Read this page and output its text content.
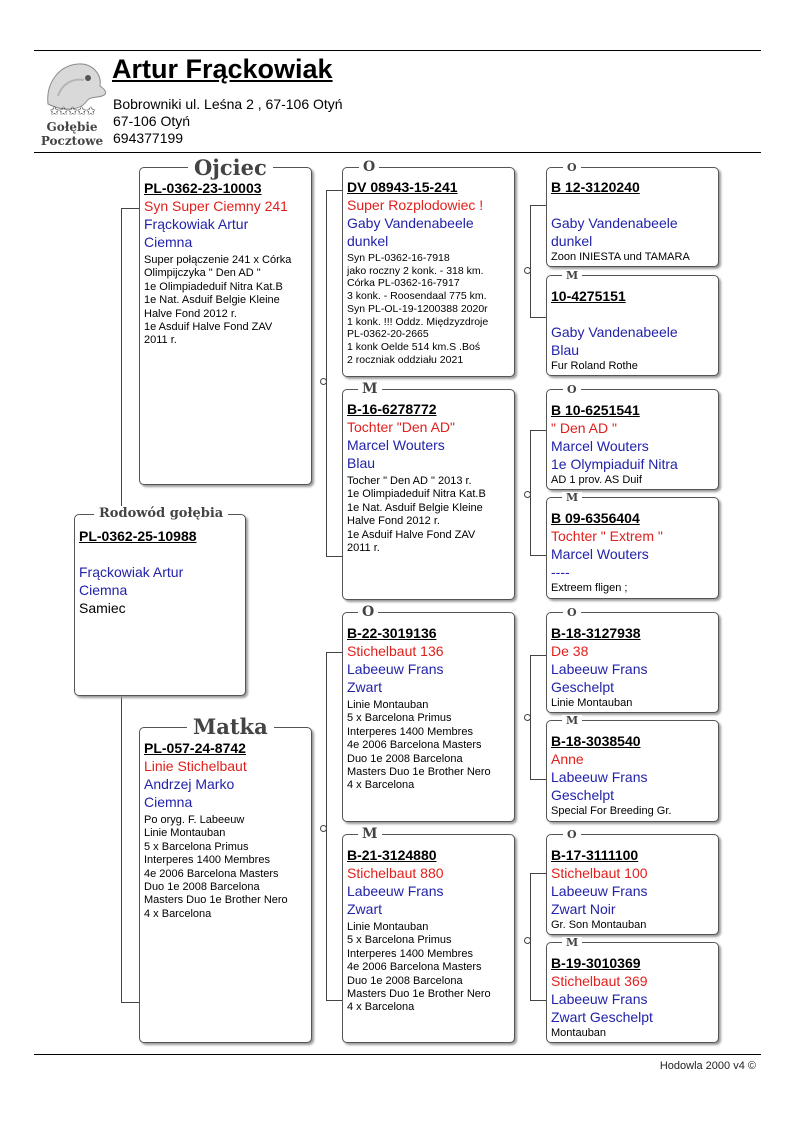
✩✩✩✩✩
Gołębie
Pocztowe
Artur Frąckowiak
Bobrowniki ul. Leśna 2 , 67-106 Otyń
67-106 Otyń
694377199
PL-0362-25-10988
Frąckowiak Artur
Ciemna
Samiec
Rodowód gołębia
PL-0362-23-10003
Syn Super Ciemny 241
Frąckowiak Artur
Ciemna
Super połączenie 241 x Córka
Olimpijczyka " Den AD "
1e Olimpiadeduif Nitra Kat.B
1e Nat. Asduif Belgie Kleine
Halve Fond 2012 r.
1e Asduif Halve Fond ZAV
2011 r.
Ojciec
PL-057-24-8742
Linie Stichelbaut
Andrzej Marko
Ciemna
Po oryg. F. Labeeuw
Linie Montauban
5 x Barcelona Primus
Interperes 1400 Membres
4e 2006 Barcelona Masters
Duo 1e 2008 Barcelona
Masters Duo 1e Brother Nero
4 x Barcelona
Matka
DV 08943-15-241
Super Rozplodowiec !
Gaby Vandenabeele
dunkel
Syn PL-0362-16-7918
jako roczny 2 konk. - 318 km.
Córka PL-0362-16-7917
3 konk. - Roosendaal 775 km.
Syn PL-OL-19-1200388 2020r
1 konk. !!! Oddz. Międzyzdroje
PL-0362-20-2665
1 konk Oelde 514 km.S .Boś
2 roczniak oddziału 2021
O
B-16-6278772
Tochter "Den AD"
Marcel Wouters
Blau
Tocher " Den AD " 2013 r.
1e Olimpiadeduif Nitra Kat.B
1e Nat. Asduif Belgie Kleine
Halve Fond 2012 r.
1e Asduif Halve Fond ZAV
2011 r.
M
B-22-3019136
Stichelbaut 136
Labeeuw Frans
Zwart
Linie Montauban
5 x Barcelona Primus
Interperes 1400 Membres
4e 2006 Barcelona Masters
Duo 1e 2008 Barcelona
Masters Duo 1e Brother Nero
4 x Barcelona
O
B-21-3124880
Stichelbaut 880
Labeeuw Frans
Zwart
Linie Montauban
5 x Barcelona Primus
Interperes 1400 Membres
4e 2006 Barcelona Masters
Duo 1e 2008 Barcelona
Masters Duo 1e Brother Nero
4 x Barcelona
M
B 12-3120240
Gaby Vandenabeele
dunkel
Zoon INIESTA und TAMARA
O
10-4275151
Gaby Vandenabeele
Blau
Fur Roland Rothe
M
B 10-6251541
" Den AD "
Marcel Wouters
1e Olympiaduif Nitra
AD 1 prov. AS Duif
O
B 09-6356404
Tochter " Extrem "
Marcel Wouters
----
Extreem fligen ;
M
B-18-3127938
De 38
Labeeuw Frans
Geschelpt
Linie Montauban
O
B-18-3038540
Anne
Labeeuw Frans
Geschelpt
Special For Breeding Gr.
M
B-17-3111100
Stichelbaut 100
Labeeuw Frans
Zwart Noir
Gr. Son Montauban
O
B-19-3010369
Stichelbaut 369
Labeeuw Frans
Zwart Geschelpt
Montauban
M
Hodowla 2000 v4 ©
